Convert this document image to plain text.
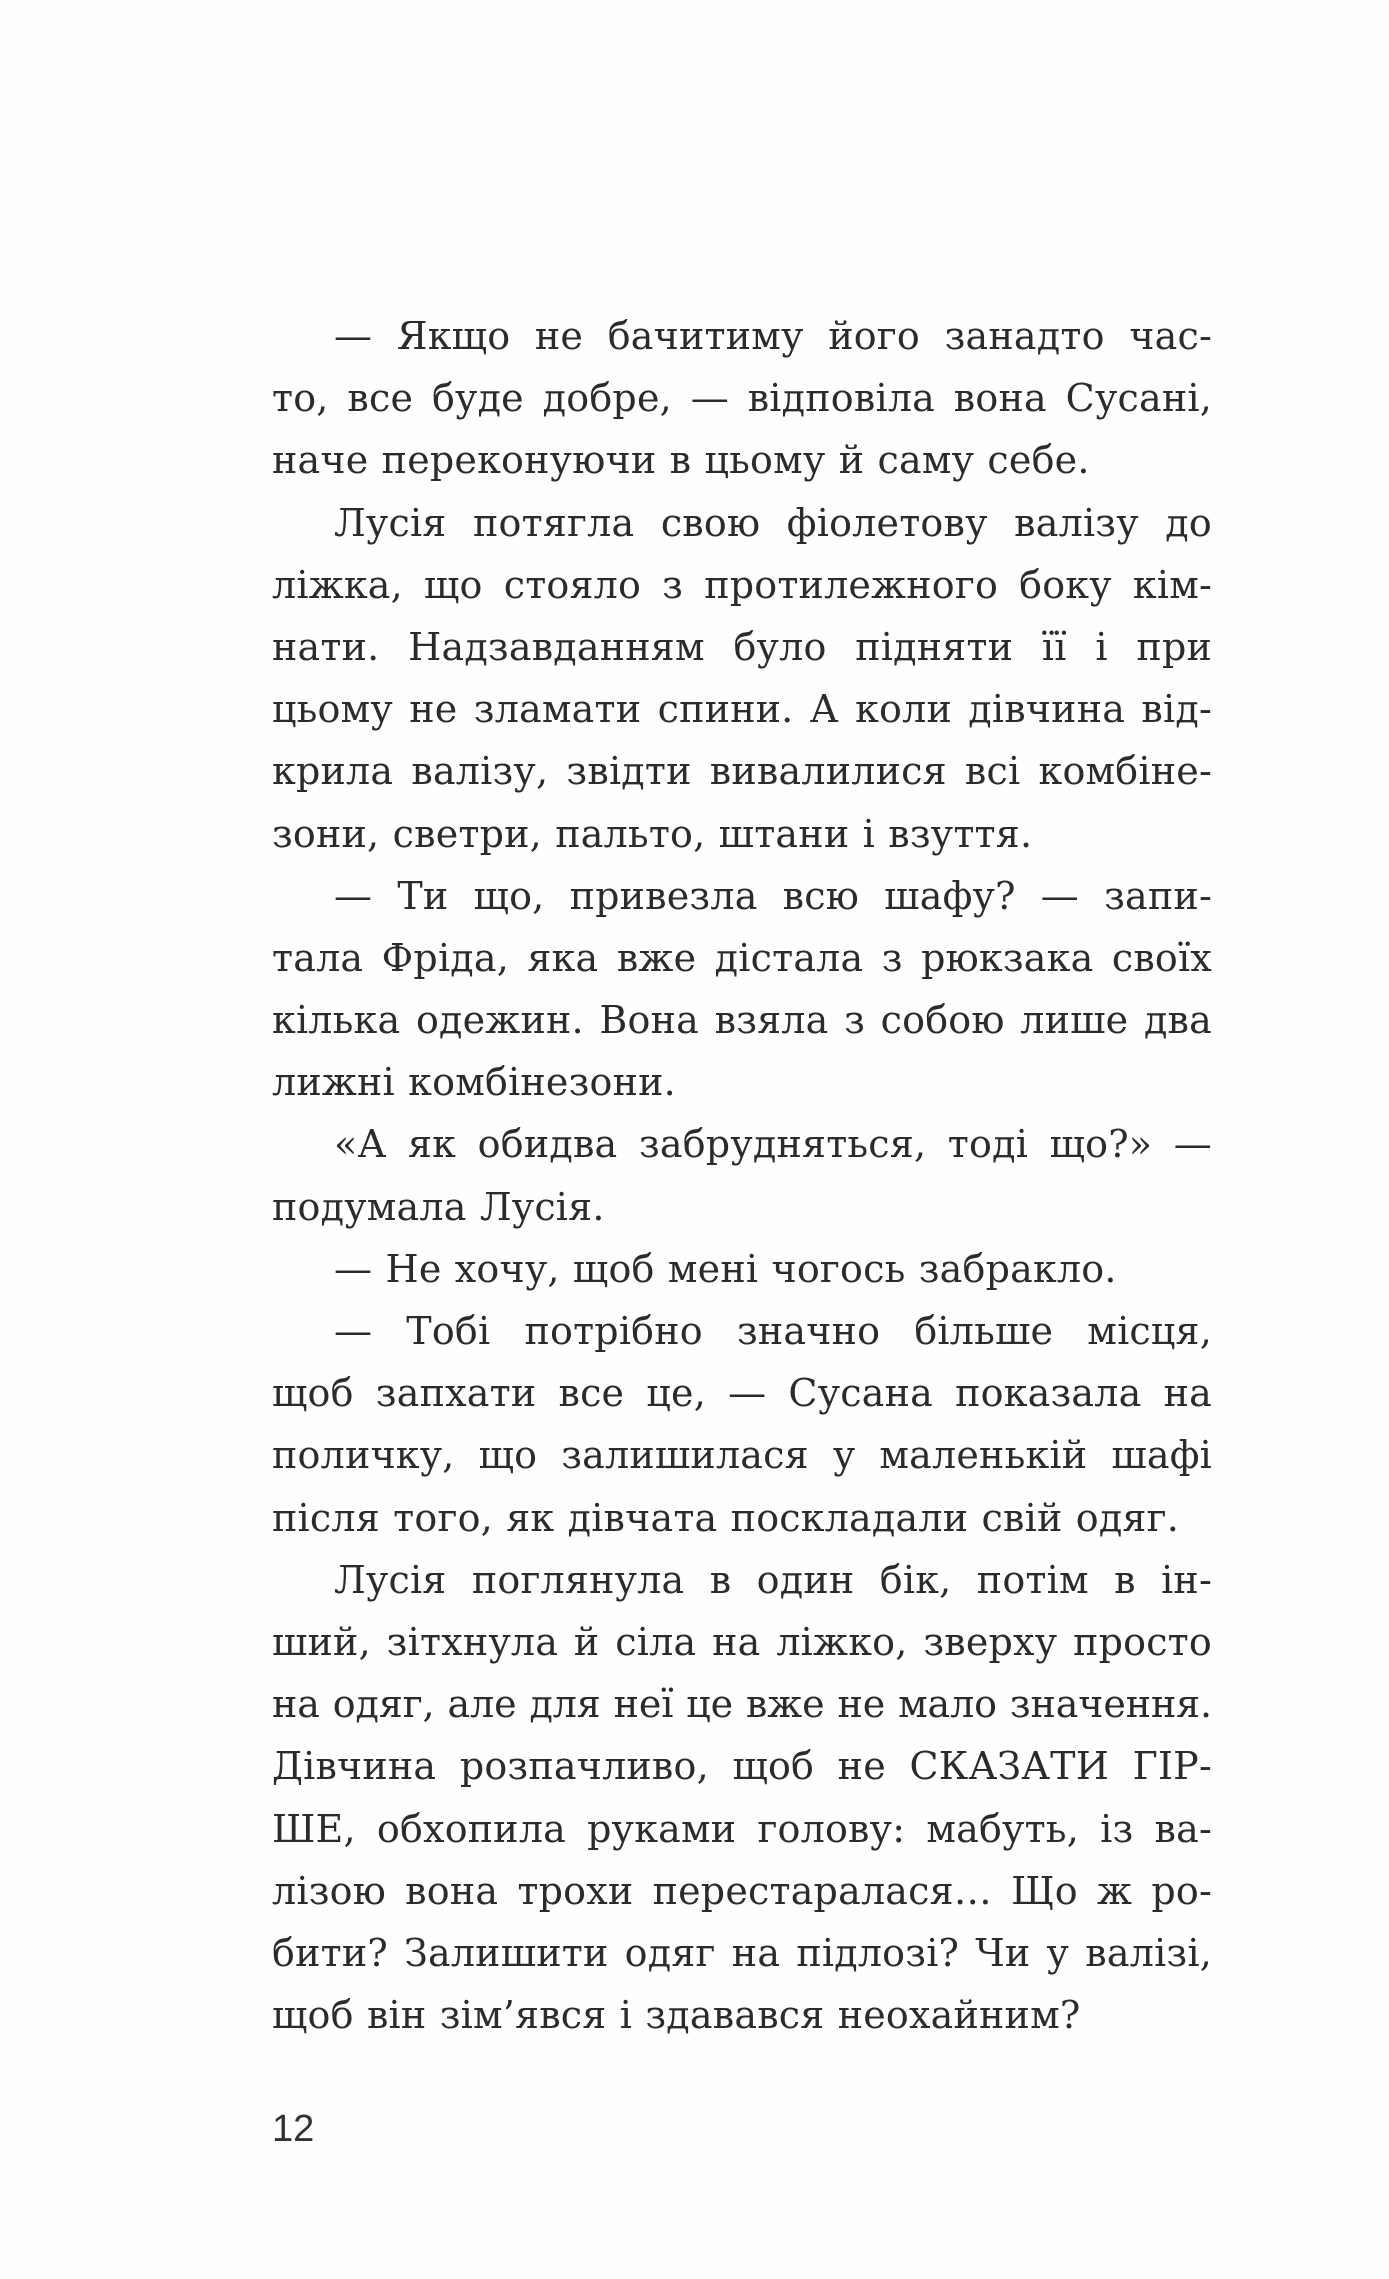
— Якщо не бачитиму його занадто час-
то, все буде добре, — відповіла вона Сусані,
наче переконуючи в цьому й саму себе.
Лусія потягла свою фіолетову валізу до
ліжка, що стояло з протилежного боку кім-
нати. Надзавданням було підняти її і при
цьому не зламати спини. А коли дівчина від-
крила валізу, звідти вивалилися всі комбіне-
зони, светри, пальто, штани і взуття.
— Ти що, привезла всю шафу? — запи-
тала Фріда, яка вже дістала з рюкзака своїх
кілька одежин. Вона взяла з собою лише два
лижні комбінезони.
«А як обидва забрудняться, тоді що?» —
подумала Лусія.
— Не хочу, щоб мені чогось забракло.
— Тобі потрібно значно більше місця,
щоб запхати все це, — Сусана показала на
поличку, що залишилася у маленькій шафі
після того, як дівчата поскладали свій одяг.
Лусія поглянула в один бік, потім в ін-
ший, зітхнула й сіла на ліжко, зверху просто
на одяг, але для неї це вже не мало значення.
Дівчина розпачливо, щоб не СКАЗАТИ ГІР-
ШЕ, обхопила руками голову: мабуть, із ва-
лізою вона трохи перестаралася… Що ж ро-
бити? Залишити одяг на підлозі? Чи у валізі,
щоб він зім’явся і здавався неохайним?
12
